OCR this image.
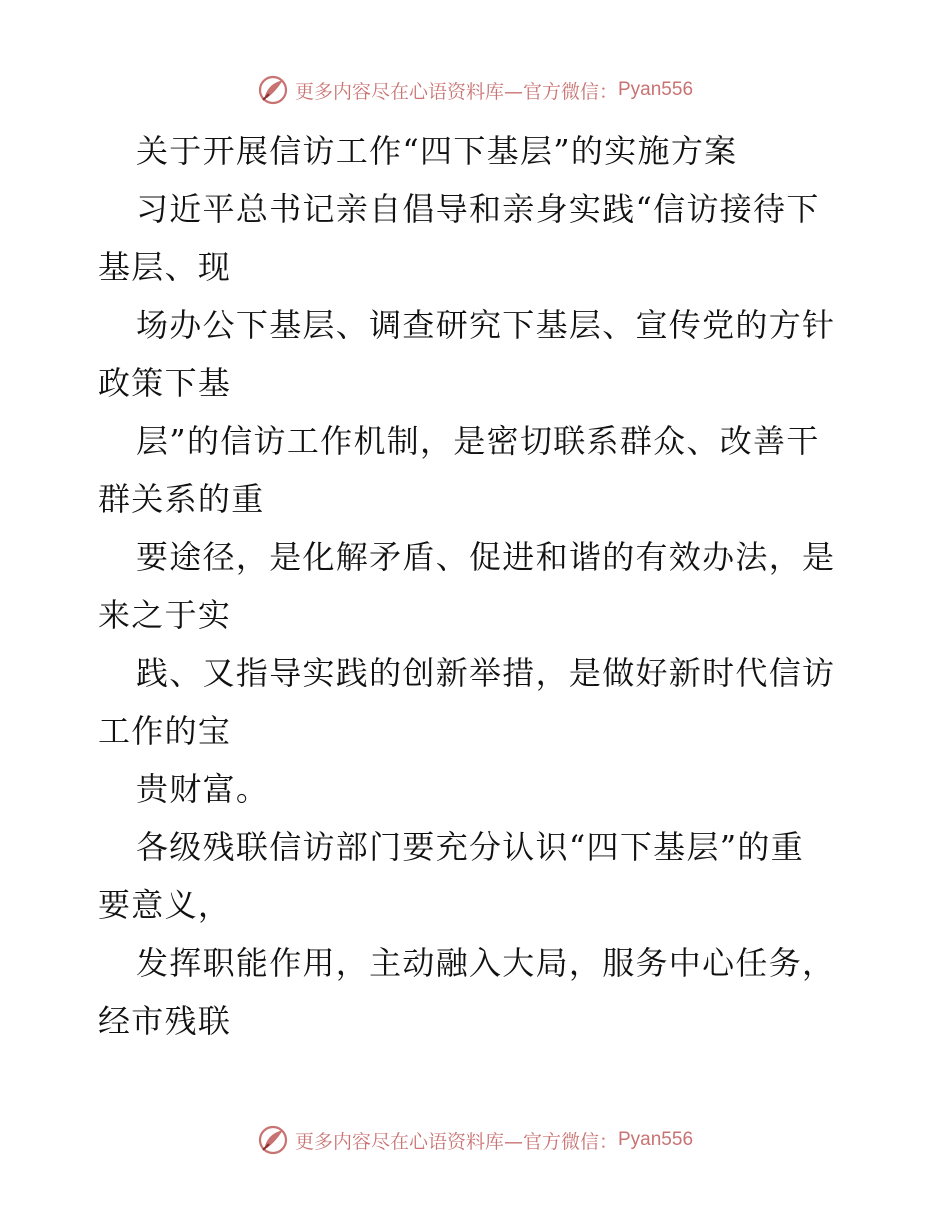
更多内容尽在心语资料库—官方微信： Pyan556
关于开展信访工作“四下基层”的实施方案
习近平总书记亲自倡导和亲身实践“信访接待下
基层、现
场办公下基层、调查研究下基层、宣传党的方针
政策下基
层”的信访工作机制，是密切联系群众、改善干
群关系的重
要途径，是化解矛盾、促进和谐的有效办法，是
来之于实
践、又指导实践的创新举措，是做好新时代信访
工作的宝
贵财富。
各级残联信访部门要充分认识“四下基层”的重
要意义，
发挥职能作用，主动融入大局，服务中心任务，
经市残联
更多内容尽在心语资料库—官方微信： Pyan556
